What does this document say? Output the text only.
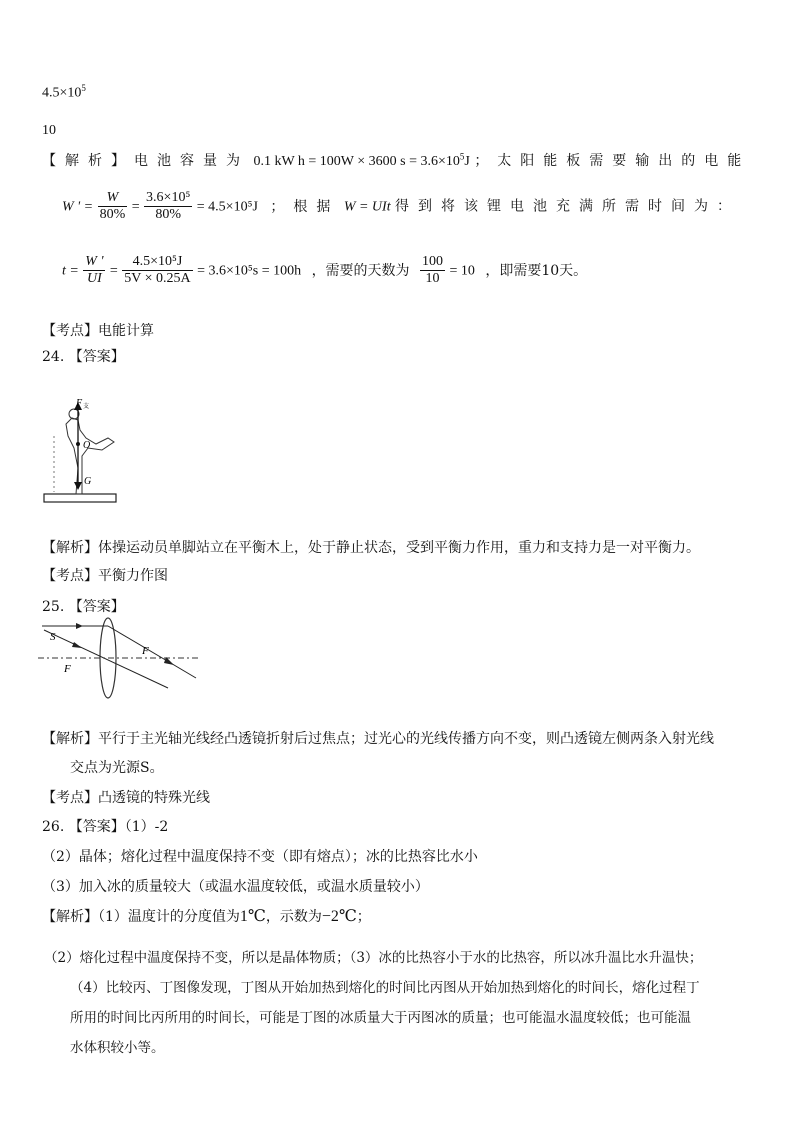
$4.5\times 10^5$
10
【解析】电池容量为 0.1 kW h = 100W × 3600 $s = 3.6\times 10^5J$ ；太阳能板需要输出的电能
W ' = $\frac{W}{80\%} = \frac{\text{3.6×10⁵}}{80\%} = 4.5\times 10^5J$ ；根据 W = UIt 得到将该锂电池充满所需时间为：
$t = \frac{W '}{UI} = \frac{\text{4.5×10⁵J}}{5V \times 0.25A} = 3.6\times 10^5s = 100h$ ，需要的天数为 $\frac{100}{10} = 10$ ，即需要10天。
【考点】电能计算
24. 【答案】
F 支
O
G
【解析】体操运动员单脚站立在平衡木上，处于静止状态，受到平衡力作用，重力和支持力是一对平衡力。
【考点】平衡力作图
25. 【答案】
S
F
F
【解析】平行于主光轴光线经凸透镜折射后过焦点；过光心的光线传播方向不变，则凸透镜左侧两条入射光线
交点为光源S。
【考点】凸透镜的特殊光线
26. 【答案】（1）-2
（2）晶体；熔化过程中温度保持不变（即有熔点）；冰的比热容比水小
（3）加入冰的质量较大（或温水温度较低，或温水质量较小）
【解析】（1）温度计的分度值为1℃，示数为−2℃；
（2）熔化过程中温度保持不变，所以是晶体物质；（3）冰的比热容小于水的比热容，所以冰升温比水升温快；
（4）比较丙、丁图像发现，丁图从开始加热到熔化的时间比丙图从开始加热到熔化的时间长，熔化过程丁
所用的时间比丙所用的时间长，可能是丁图的冰质量大于丙图冰的质量；也可能温水温度较低；也可能温
水体积较小等。
